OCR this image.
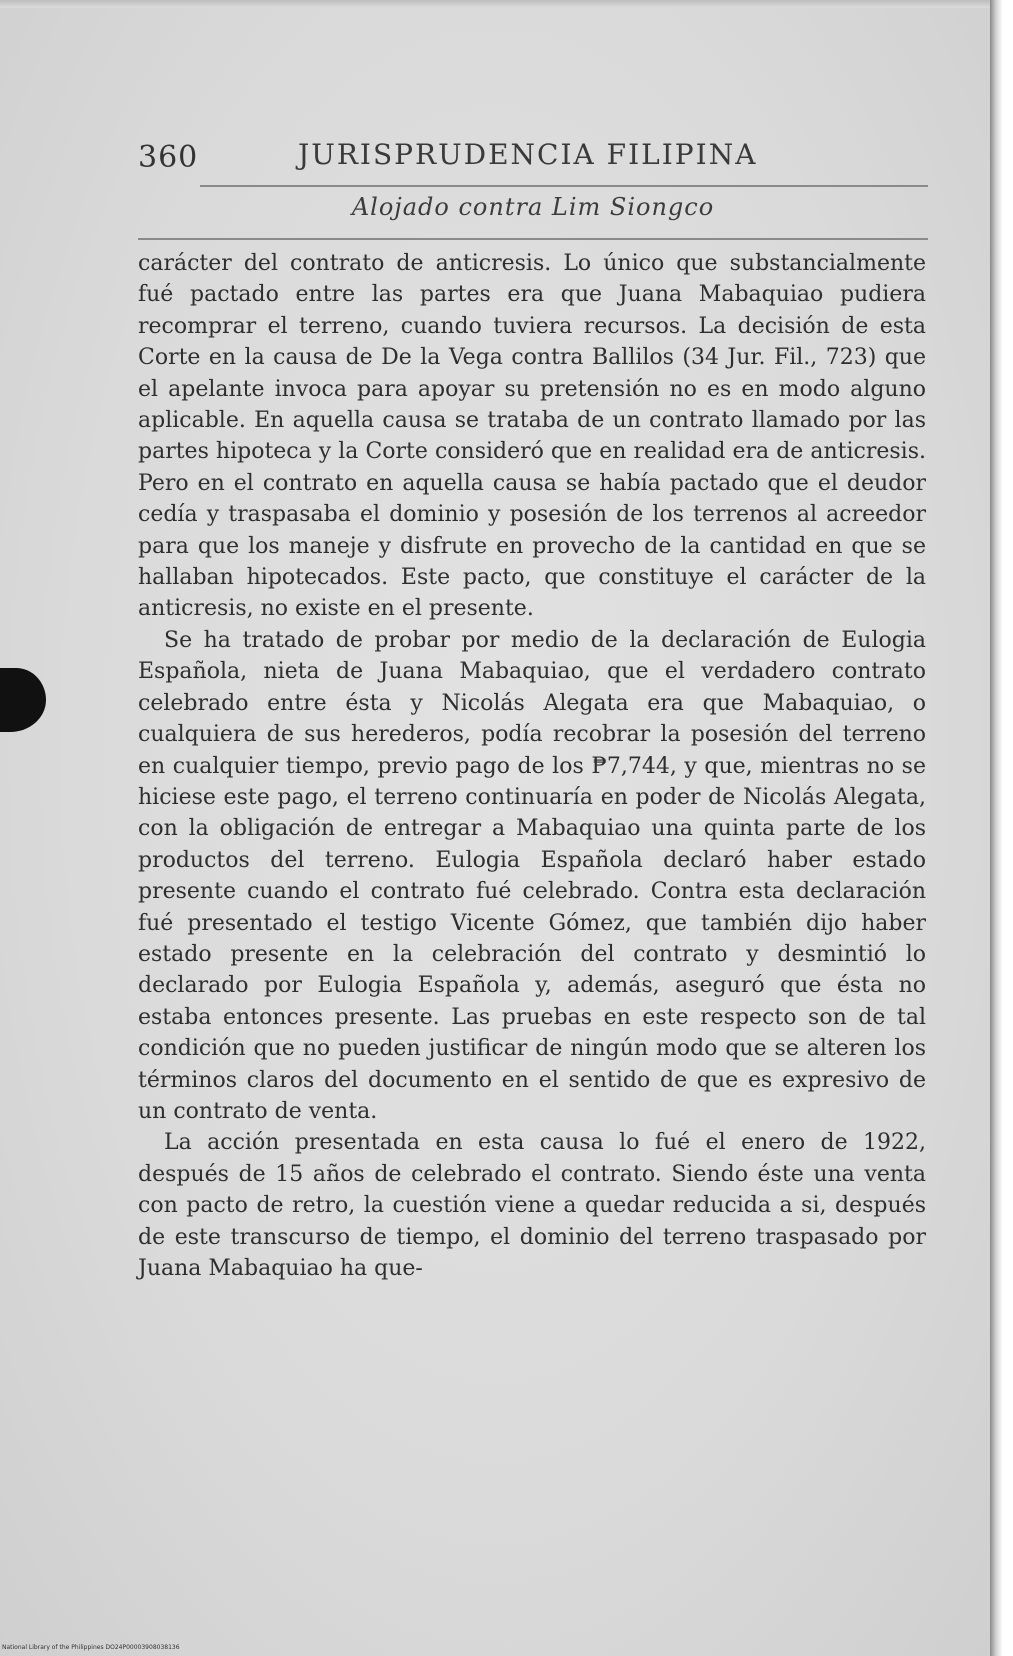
360	JURISPRUDENCIA FILIPINA
Alojado contra Lim Siongco

carácter del contrato de anticresis. Lo único que substancialmente fué pactado entre las partes era que Juana Mabaquiao pudiera recomprar el terreno, cuando tuviera recursos. La decisión de esta Corte en la causa de De la Vega contra Ballilos (34 Jur. Fil., 723) que el apelante invoca para apoyar su pretensión no es en modo alguno aplicable. En aquella causa se trataba de un contrato llamado por las partes hipoteca y la Corte consideró que en realidad era de anticresis. Pero en el contrato en aquella causa se había pactado que el deudor cedía y traspasaba el dominio y posesión de los terrenos al acreedor para que los maneje y disfrute en provecho de la cantidad en que se hallaban hipotecados. Este pacto, que constituye el carácter de la anticresis, no existe en el presente.

Se ha tratado de probar por medio de la declaración de Eulogia Española, nieta de Juana Mabaquiao, que el verdadero contrato celebrado entre ésta y Nicolás Alegata era que Mabaquiao, o cualquiera de sus herederos, podía recobrar la posesión del terreno en cualquier tiempo, previo pago de los ₱7,744, y que, mientras no se hiciese este pago, el terreno continuaría en poder de Nicolás Alegata, con la obligación de entregar a Mabaquiao una quinta parte de los productos del terreno. Eulogia Española declaró haber estado presente cuando el contrato fué celebrado. Contra esta declaración fué presentado el testigo Vicente Gómez, que también dijo haber estado presente en la celebración del contrato y desmintió lo declarado por Eulogia Española y, además, aseguró que ésta no estaba entonces presente. Las pruebas en este respecto son de tal condición que no pueden justificar de ningún modo que se alteren los términos claros del documento en el sentido de que es expresivo de un contrato de venta.

La acción presentada en esta causa lo fué el enero de 1922, después de 15 años de celebrado el contrato. Siendo éste una venta con pacto de retro, la cuestión viene a quedar reducida a si, después de este transcurso de tiempo, el dominio del terreno traspasado por Juana Mabaquiao ha que-

National Library of the Philippines DO24P00003908038136
